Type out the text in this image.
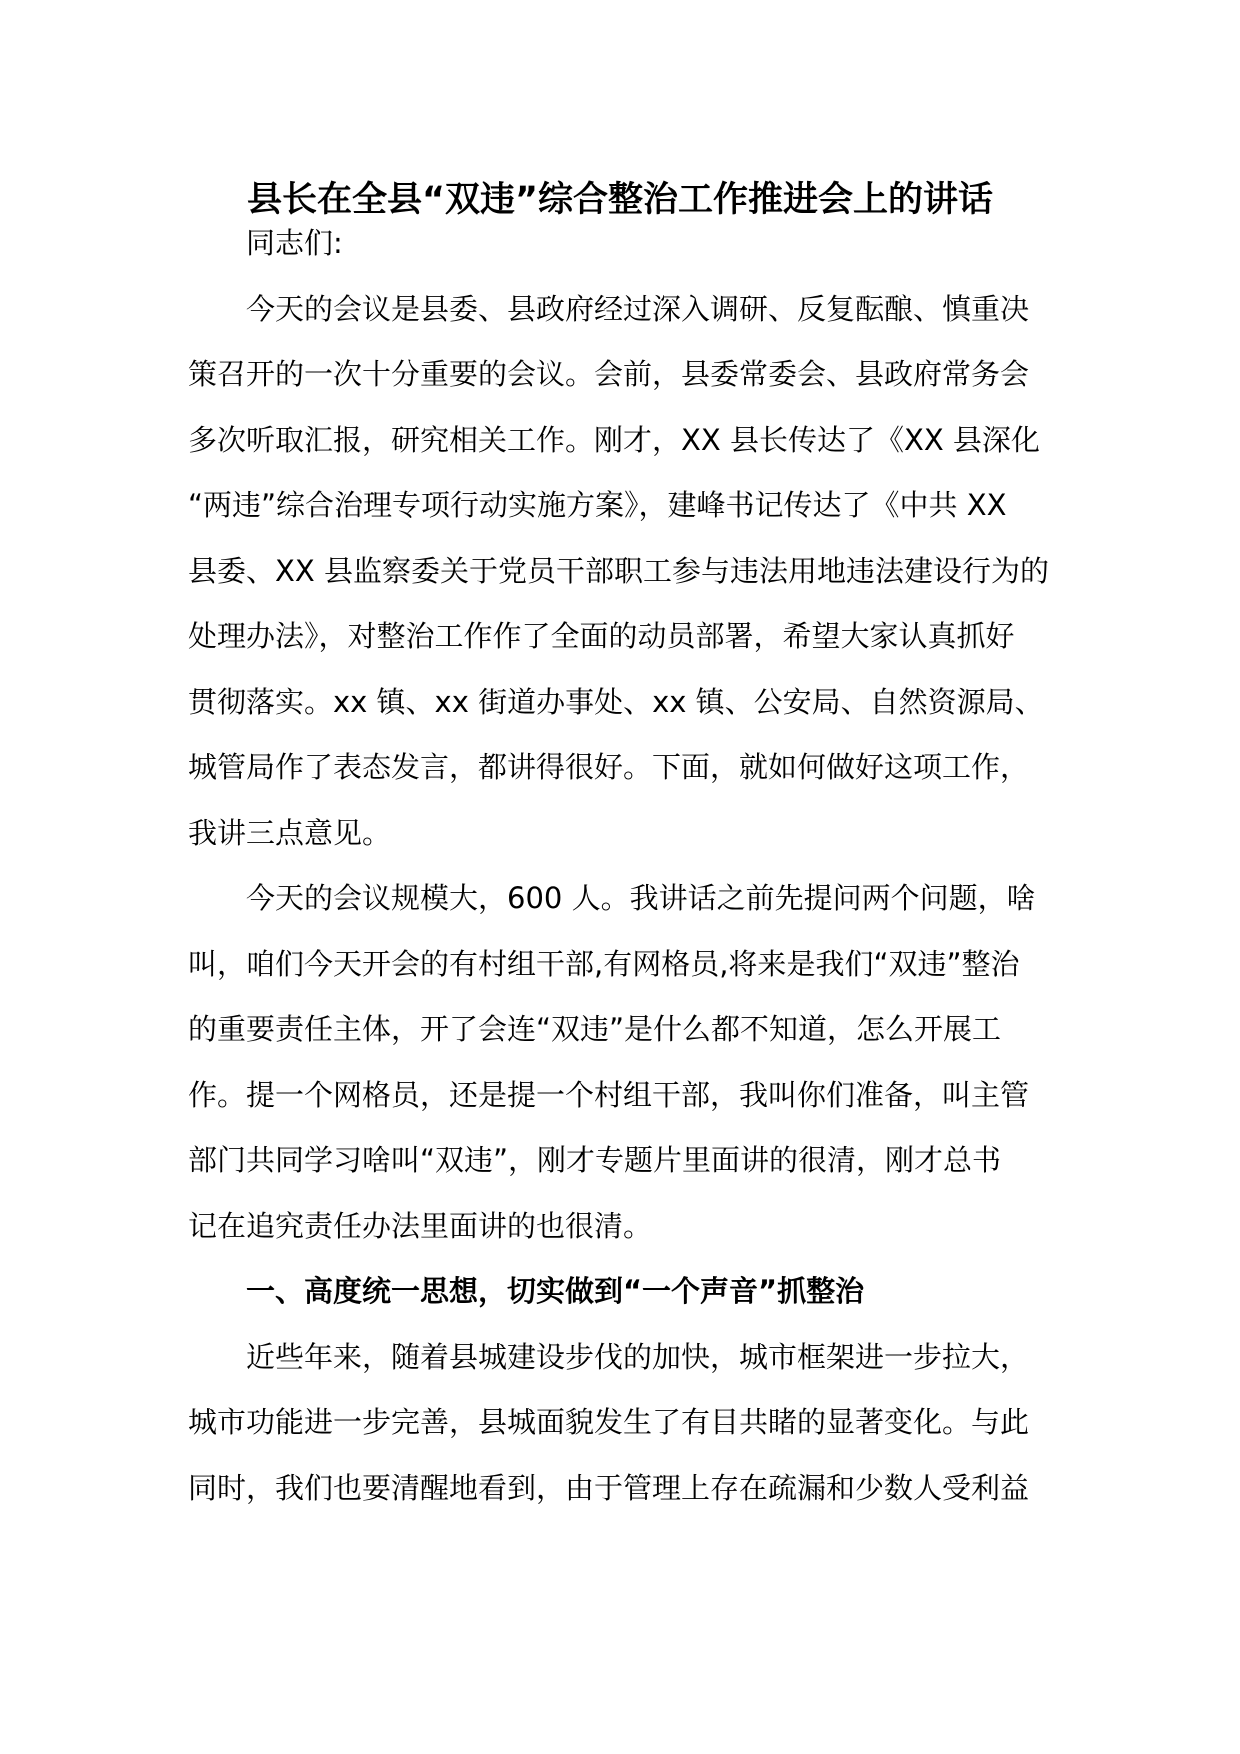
县长在全县“双违”综合整治工作推进会上的讲话
同志们:
今天的会议是县委、县政府经过深入调研、反复酝酿、慎重决
策召开的一次十分重要的会议。会前，县委常委会、县政府常务会
多次听取汇报，研究相关工作。刚才，XX 县长传达了《XX 县深化
“两违”综合治理专项行动实施方案》，建峰书记传达了《中共 XX
县委、XX 县监察委关于党员干部职工参与违法用地违法建设行为的
处理办法》，对整治工作作了全面的动员部署，希望大家认真抓好
贯彻落实。xx 镇、xx 街道办事处、xx 镇、公安局、自然资源局、
城管局作了表态发言，都讲得很好。下面，就如何做好这项工作，
我讲三点意见。
今天的会议规模大，600 人。我讲话之前先提问两个问题，啥
叫，咱们今天开会的有村组干部,有网格员,将来是我们“双违”整治
的重要责任主体，开了会连“双违”是什么都不知道，怎么开展工
作。提一个网格员，还是提一个村组干部，我叫你们准备，叫主管
部门共同学习啥叫“双违”，刚才专题片里面讲的很清，刚才总书
记在追究责任办法里面讲的也很清。
一、高度统一思想，切实做到“一个声音”抓整治
近些年来，随着县城建设步伐的加快，城市框架进一步拉大，
城市功能进一步完善，县城面貌发生了有目共睹的显著变化。与此
同时，我们也要清醒地看到，由于管理上存在疏漏和少数人受利益
